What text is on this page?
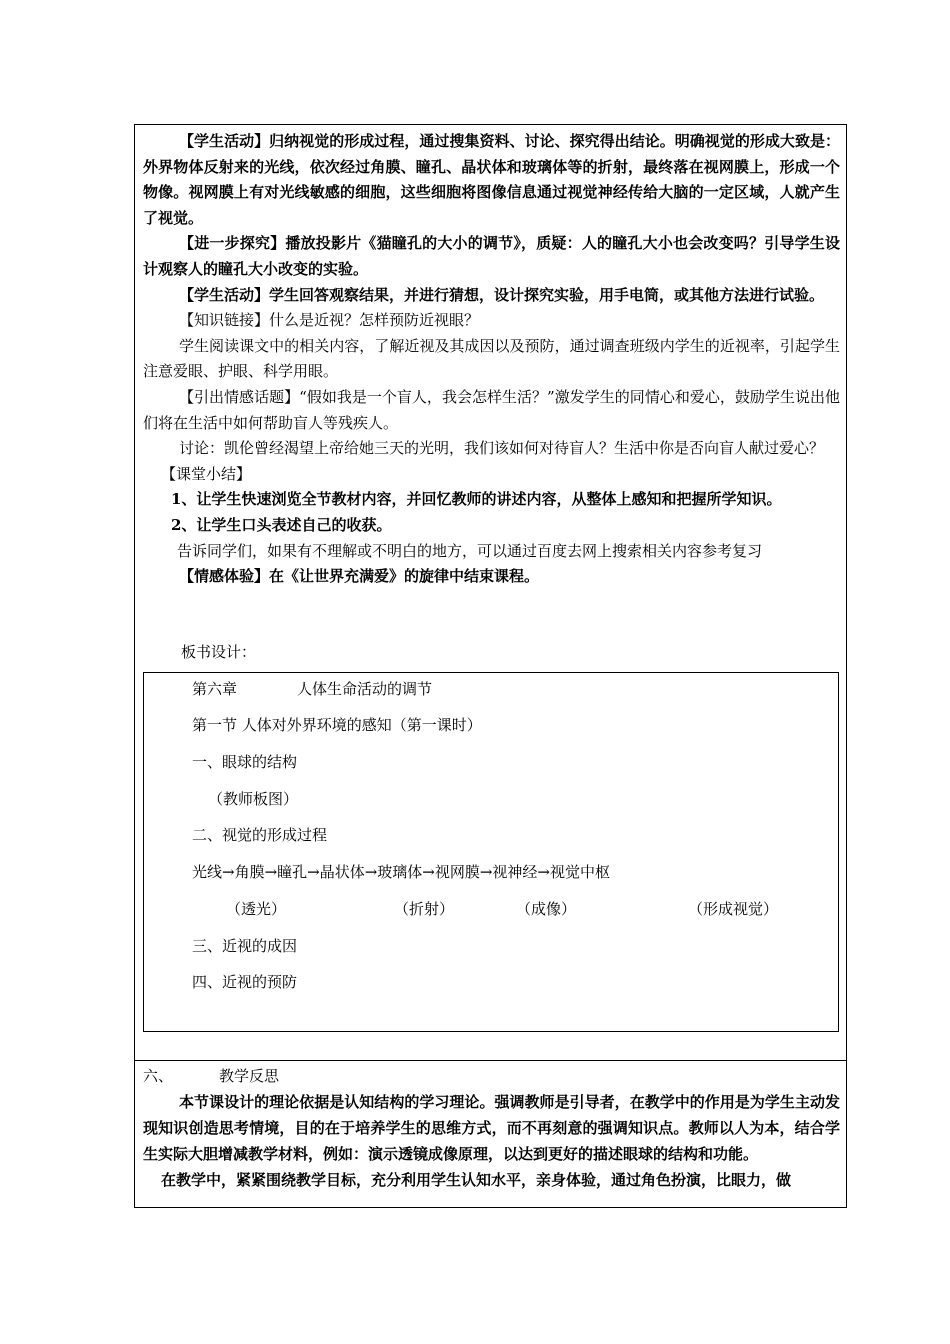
【学生活动】归纳视觉的形成过程，通过搜集资料、讨论、探究得出结论。明确视觉的形成大致是：外界物体反射来的光线，依次经过角膜、瞳孔、晶状体和玻璃体等的折射，最终落在视网膜上，形成一个物像。视网膜上有对光线敏感的细胞，这些细胞将图像信息通过视觉神经传给大脑的一定区域，人就产生了视觉。

【进一步探究】播放投影片《猫瞳孔的大小的调节》，质疑：人的瞳孔大小也会改变吗？引导学生设计观察人的瞳孔大小改变的实验。

【学生活动】学生回答观察结果，并进行猜想，设计探究实验，用手电筒，或其他方法进行试验。

【知识链接】什么是近视？怎样预防近视眼？

学生阅读课文中的相关内容，了解近视及其成因以及预防，通过调查班级内学生的近视率，引起学生注意爱眼、护眼、科学用眼。

【引出情感话题】“假如我是一个盲人，我会怎样生活？”激发学生的同情心和爱心，鼓励学生说出他们将在生活中如何帮助盲人等残疾人。

讨论：凯伦曾经渴望上帝给她三天的光明，我们该如何对待盲人？生活中你是否向盲人献过爱心？

【课堂小结】

1、让学生快速浏览全节教材内容，并回忆教师的讲述内容，从整体上感知和把握所学知识。

2、让学生口头表述自己的收获。

告诉同学们，如果有不理解或不明白的地方，可以通过百度去网上搜索相关内容参考复习

【情感体验】在《让世界充满爱》的旋律中结束课程。

板书设计：
第六章	人体生命活动的调节
第一节 人体对外界环境的感知（第一课时）
一、眼球的结构
（教师板图）
二、视觉的形成过程
光线→角膜→瞳孔→晶状体→玻璃体→视网膜→视神经→视觉中枢
（透光）	（折射）	（成像）	（形成视觉）
三、近视的成因
四、近视的预防

六、	教学反思

本节课设计的理论依据是认知结构的学习理论。强调教师是引导者，在教学中的作用是为学生主动发现知识创造思考情境，目的在于培养学生的思维方式，而不再刻意的强调知识点。教师以人为本，结合学生实际大胆增减教学材料，例如：演示透镜成像原理，以达到更好的描述眼球的结构和功能。

在教学中，紧紧围绕教学目标，充分利用学生认知水平，亲身体验，通过角色扮演，比眼力，做
